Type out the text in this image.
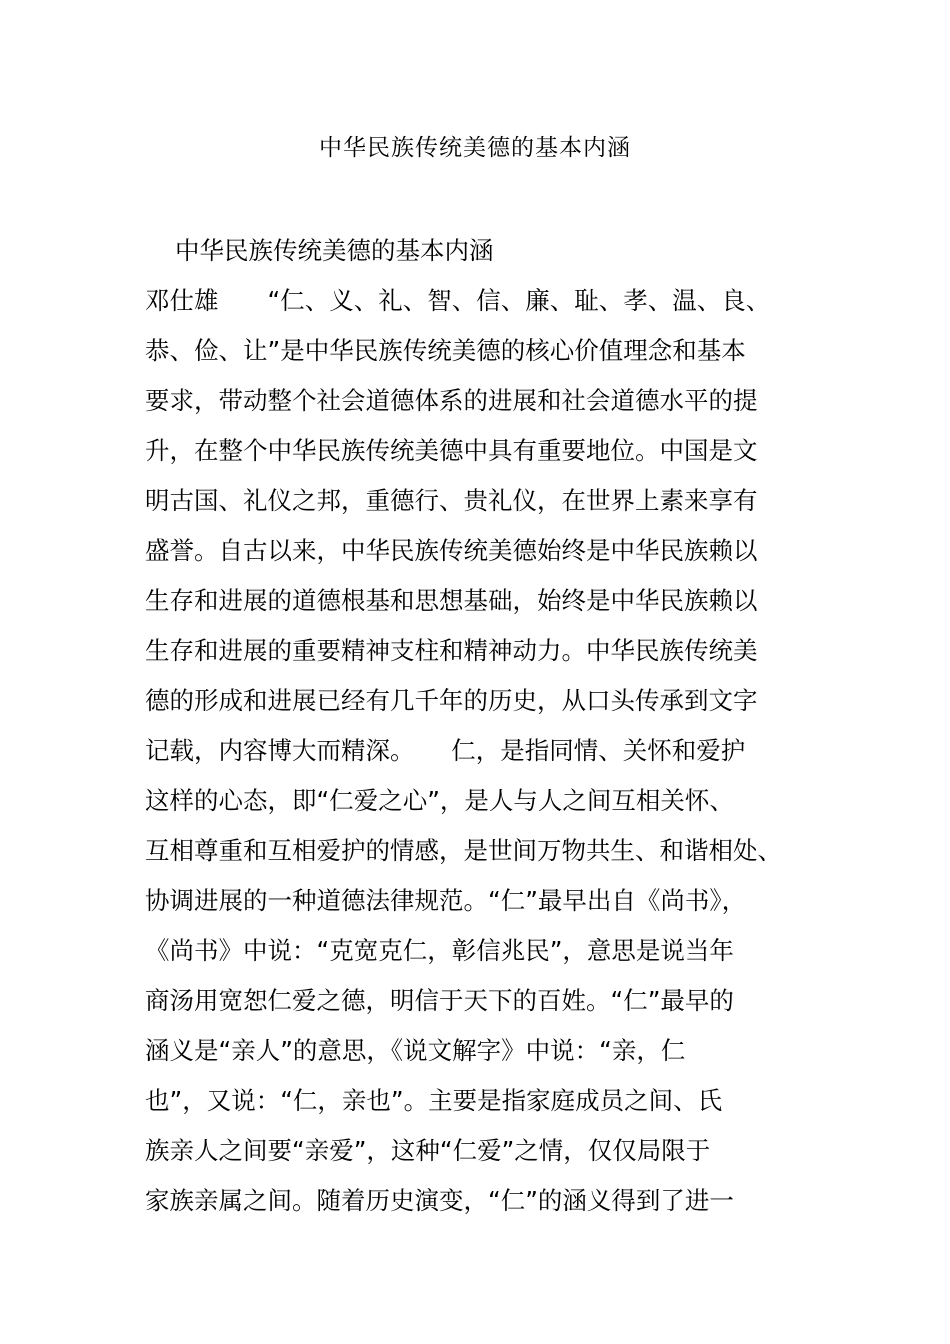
中华民族传统美德的基本内涵
中华民族传统美德的基本内涵
邓仕雄　　“仁、义、礼、智、信、廉、耻、孝、温、良、
恭、俭、让”是中华民族传统美德的核心价值理念和基本
要求，带动整个社会道德体系的进展和社会道德水平的提
升，在整个中华民族传统美德中具有重要地位。中国是文
明古国、礼仪之邦，重德行、贵礼仪，在世界上素来享有
盛誉。自古以来，中华民族传统美德始终是中华民族赖以
生存和进展的道德根基和思想基础，始终是中华民族赖以
生存和进展的重要精神支柱和精神动力。中华民族传统美
德的形成和进展已经有几千年的历史，从口头传承到文字
记载，内容博大而精深。　　仁，是指同情、关怀和爱护
这样的心态，即“仁爱之心”，是人与人之间互相关怀、
互相尊重和互相爱护的情感，是世间万物共生、和谐相处、
协调进展的一种道德法律规范。“仁”最早出自《尚书》，
《尚书》中说：“克宽克仁，彰信兆民”，意思是说当年
商汤用宽恕仁爱之德，明信于天下的百姓。“仁”最早的
涵义是“亲人”的意思，《说文解字》中说：“亲，仁
也”，又说：“仁，亲也”。主要是指家庭成员之间、氏
族亲人之间要“亲爱”，这种“仁爱”之情，仅仅局限于
家族亲属之间。随着历史演变，“仁”的涵义得到了进一
